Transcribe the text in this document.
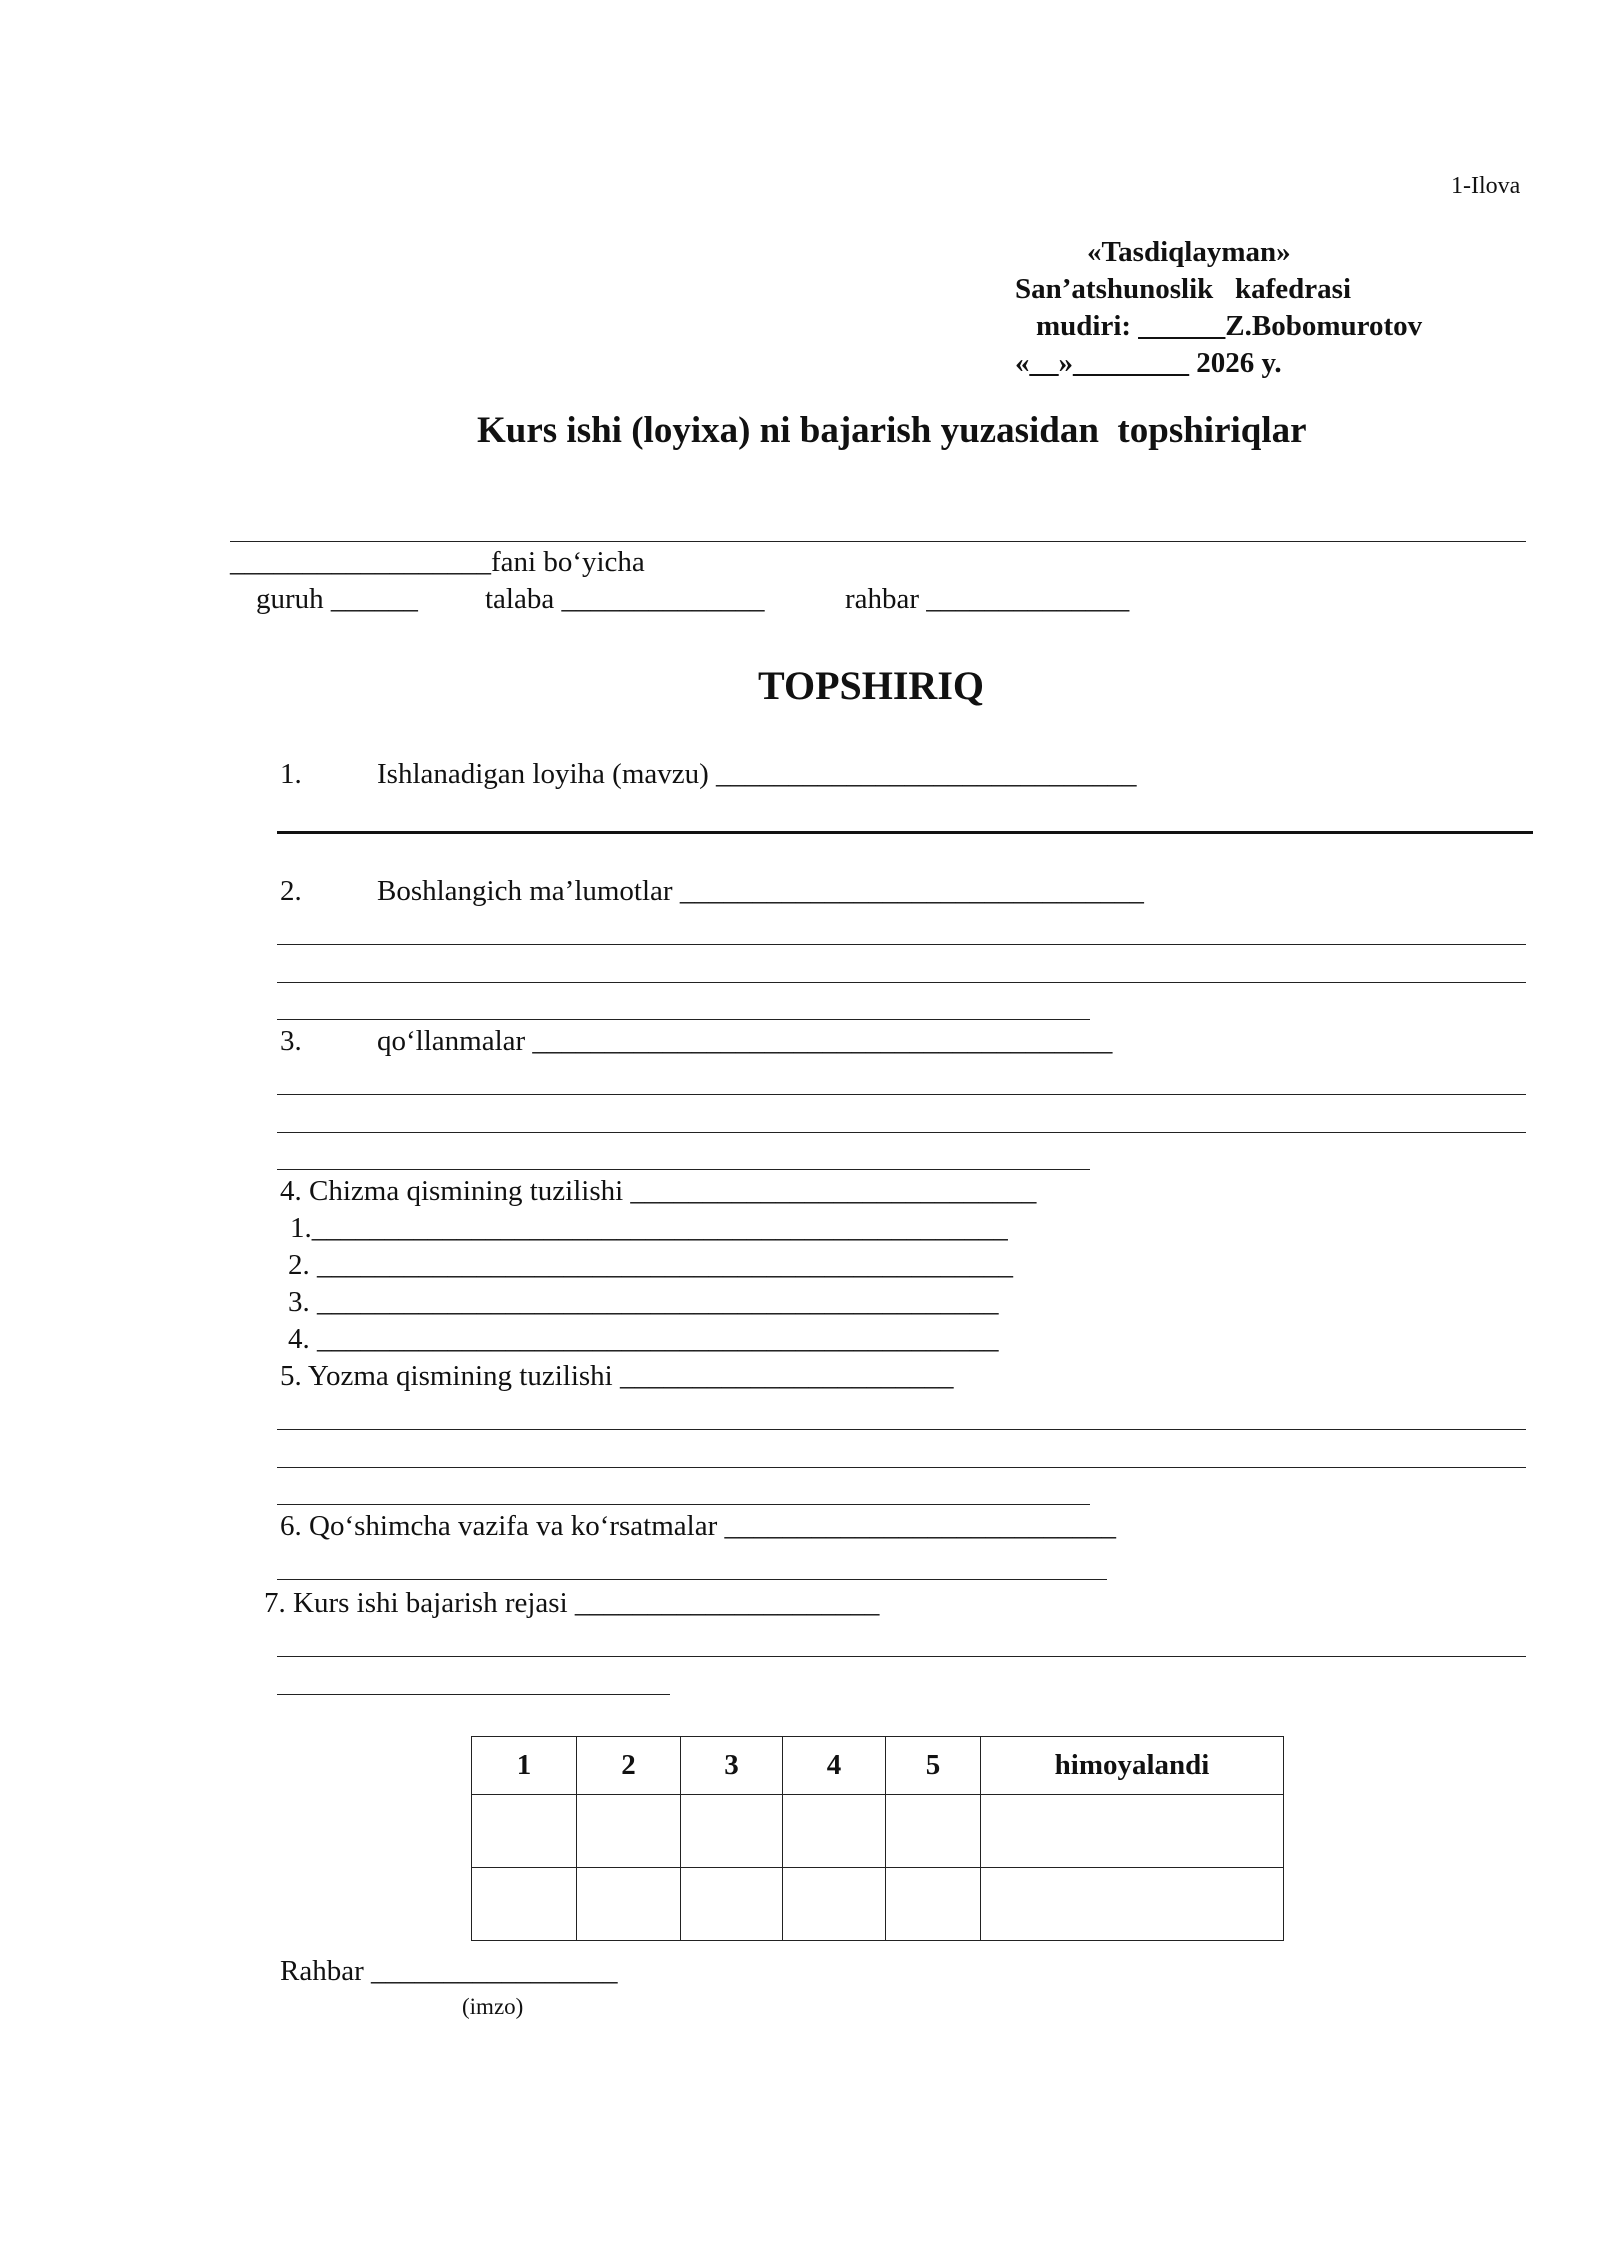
1-Ilova
«Tasdiqlayman»
San’atshunoslik   kafedrasi
mudiri: ______Z.Bobomurotov
«__»________ 2026 y.
Kurs ishi (loyixa) ni bajarish yuzasidan  topshiriqlar
__________________fani bo‘yicha
guruh ______ talaba ______________	rahbar ______________
TOPSHIRIQ
1.	Ishlanadigan loyiha (mavzu) _____________________________
2.	Boshlangich ma’lumotlar ________________________________
3.	qo‘llanmalar ________________________________________
4. Chizma qismining tuzilishi ____________________________
1.________________________________________________
2. ________________________________________________
3. _______________________________________________
4. _______________________________________________
5. Yozma qismining tuzilishi _______________________
6. Qo‘shimcha vazifa va ko‘rsatmalar ___________________________
7. Kurs ishi bajarish rejasi _____________________
1	2	3	4	5	himoyalandi

Rahbar _________________
(imzo)
